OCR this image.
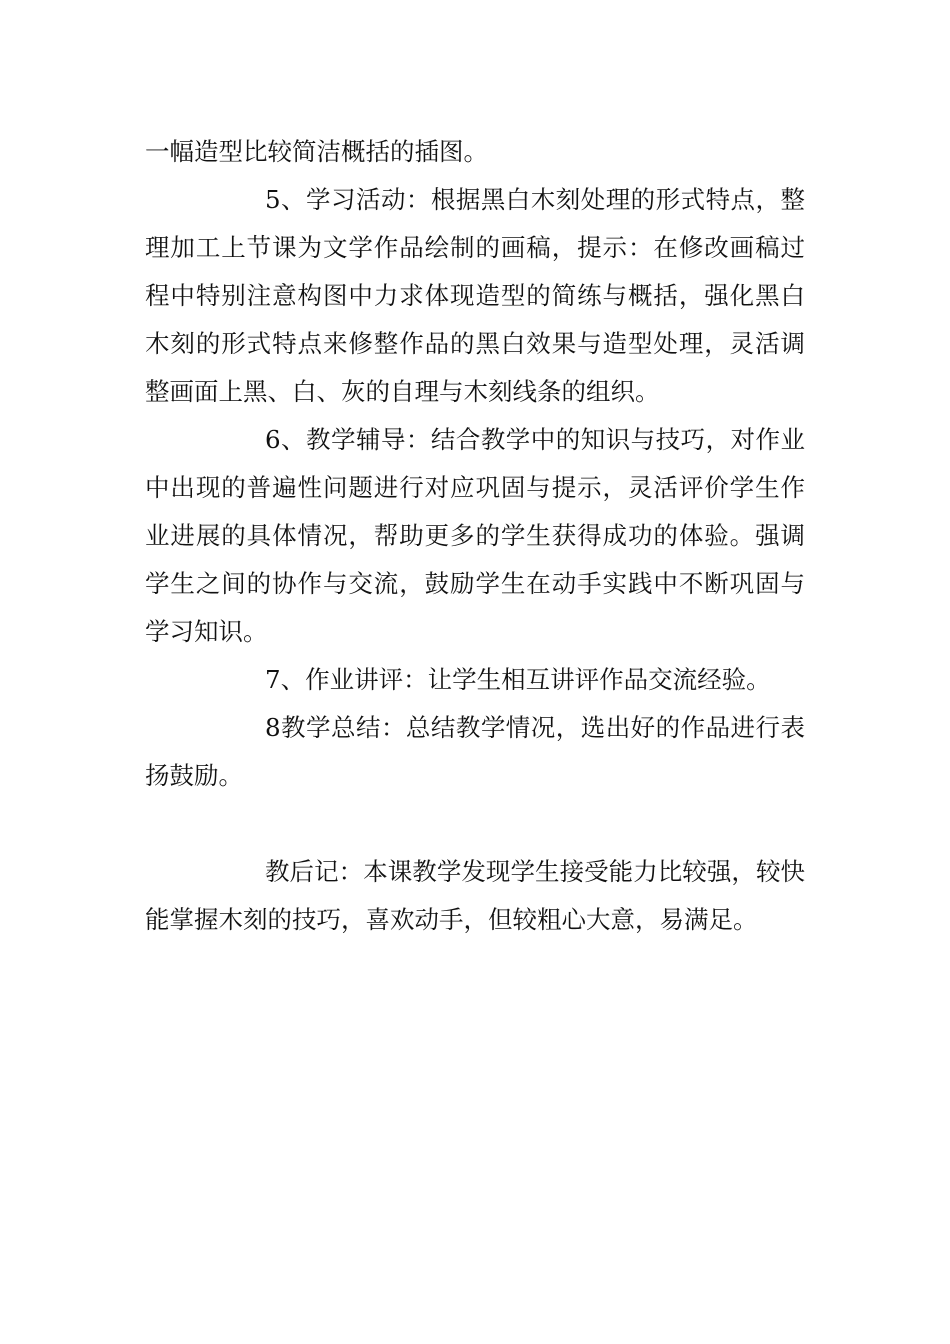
一幅造型比较简洁概括的插图。

5、学习活动：根据黑白木刻处理的形式特点，整理加工上节课为文学作品绘制的画稿，提示：在修改画稿过程中特别注意构图中力求体现造型的简练与概括，强化黑白木刻的形式特点来修整作品的黑白效果与造型处理，灵活调整画面上黑、白、灰的自理与木刻线条的组织。

6、教学辅导：结合教学中的知识与技巧，对作业中出现的普遍性问题进行对应巩固与提示，灵活评价学生作业进展的具体情况，帮助更多的学生获得成功的体验。强调学生之间的协作与交流，鼓励学生在动手实践中不断巩固与学习知识。

7、作业讲评：让学生相互讲评作品交流经验。

8教学总结：总结教学情况，选出好的作品进行表扬鼓励。

教后记：本课教学发现学生接受能力比较强，较快能掌握木刻的技巧，喜欢动手，但较粗心大意，易满足。
